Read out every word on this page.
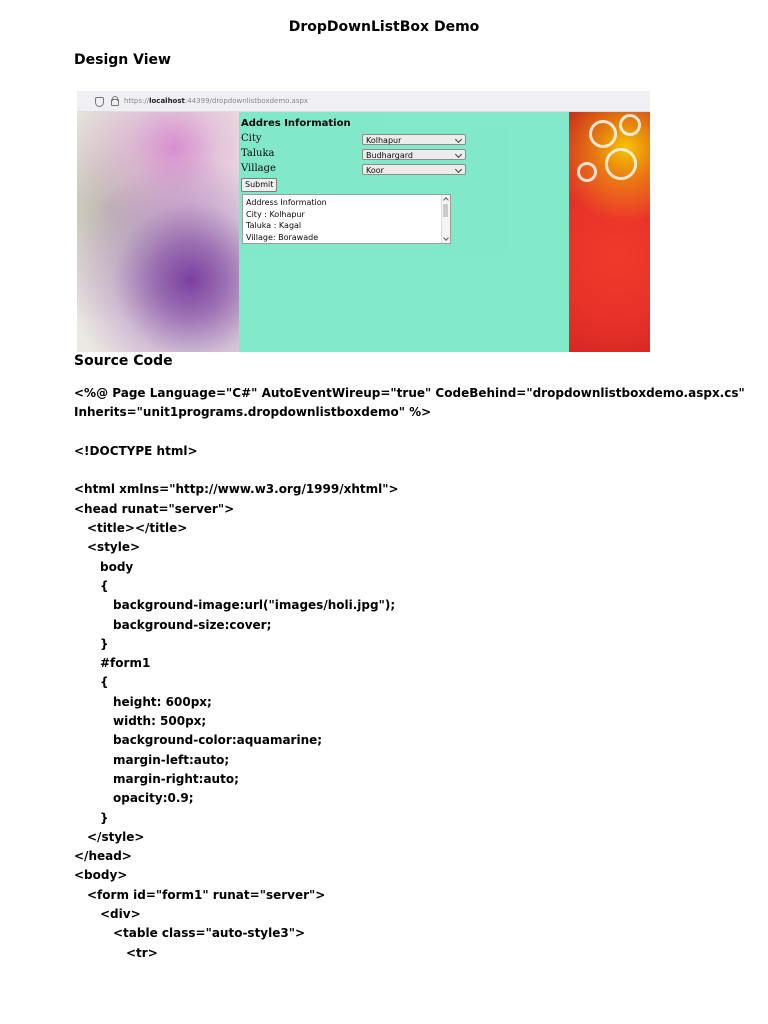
DropDownListBox Demo
Design View
https://localhost:44399/dropdownlistboxdemo.aspx
Addres Information
City	Kolhapur
Taluka	Budhargard
Village	Koor
Submit
Address Information
City : Kolhapur
Taluka : Kagal
Village: Borawade
Source Code
<%@ Page Language="C#" AutoEventWireup="true" CodeBehind="dropdownlistboxdemo.aspx.cs"
Inherits="unit1programs.dropdownlistboxdemo" %>
<!DOCTYPE html>
<html xmlns="http://www.w3.org/1999/xhtml">
<head runat="server">
<title></title>
<style>
body
{
background-image:url("images/holi.jpg");
background-size:cover;
}
#form1
{
height: 600px;
width: 500px;
background-color:aquamarine;
margin-left:auto;
margin-right:auto;
opacity:0.9;
}
</style>
</head>
<body>
<form id="form1" runat="server">
<div>
<table class="auto-style3">
<tr>
